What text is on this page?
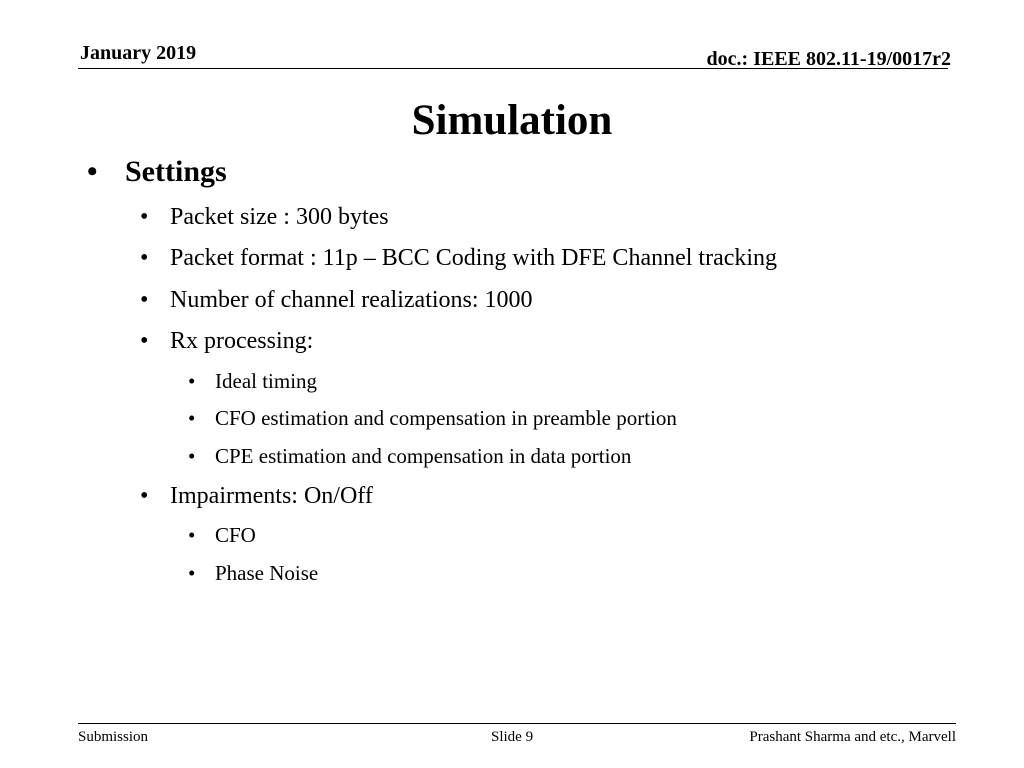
January 2019	doc.: IEEE 802.11-19/0017r2
Simulation
• Settings
• Packet size : 300 bytes
• Packet format : 11p – BCC Coding with DFE Channel tracking
• Number of channel realizations: 1000
• Rx processing:
• Ideal timing
• CFO estimation and compensation in preamble portion
• CPE estimation and compensation in data portion
• Impairments: On/Off
• CFO
• Phase Noise
Submission	Slide 9	Prashant Sharma and etc., Marvell
